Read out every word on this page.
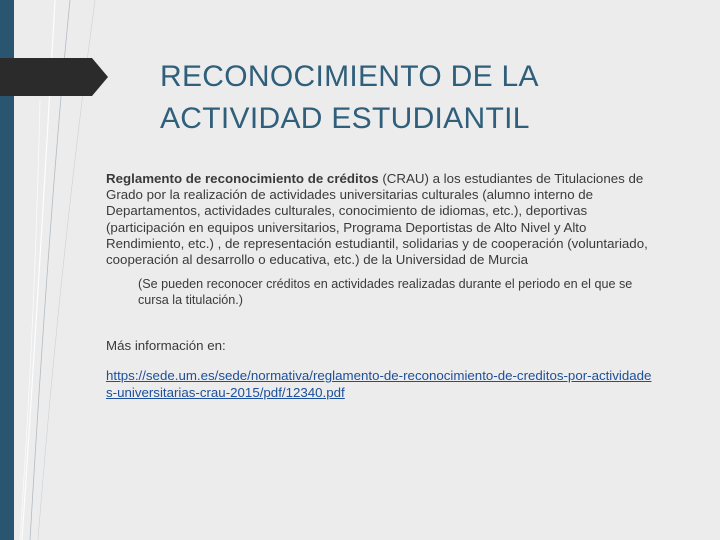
RECONOCIMIENTO DE LA
ACTIVIDAD ESTUDIANTIL

Reglamento de reconocimiento de créditos (CRAU) a los estudiantes de Titulaciones de Grado por la realización de actividades universitarias culturales (alumno interno de Departamentos, actividades culturales, conocimiento de idiomas, etc.), deportivas (participación en equipos universitarios, Programa Deportistas de Alto Nivel y Alto Rendimiento, etc.) , de representación estudiantil, solidarias y de cooperación (voluntariado, cooperación al desarrollo o educativa, etc.) de la Universidad de Murcia

(Se pueden reconocer créditos en actividades realizadas durante el periodo en el que se cursa la titulación.)

Más información en:

https://sede.um.es/sede/normativa/reglamento-de-reconocimiento-de-creditos-por-actividades-universitarias-crau-2015/pdf/12340.pdf
